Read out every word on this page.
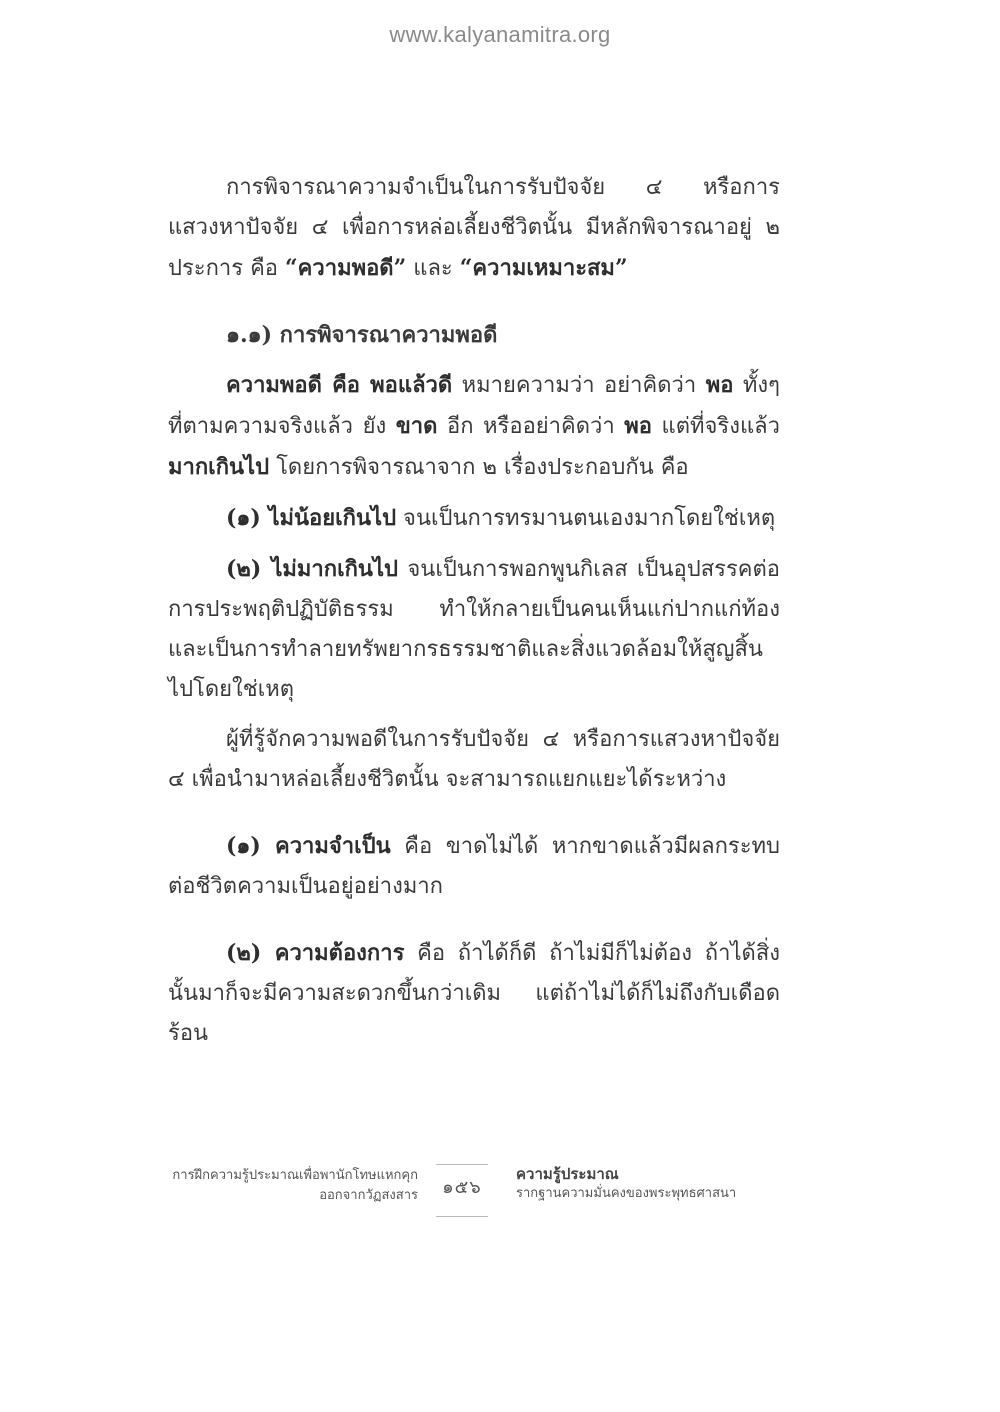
www.kalyanamitra.org

การพิจารณาความจำเป็นในการรับปัจจัย ๔ หรือการแสวงหาปัจจัย ๔ เพื่อการหล่อเลี้ยงชีวิตนั้น มีหลักพิจารณาอยู่ ๒ ประการ คือ “ความพอดี” และ “ความเหมาะสม”

๑.๑) การพิจารณาความพอดี

ความพอดี คือ พอแล้วดี หมายความว่า อย่าคิดว่า พอ ทั้งๆ ที่ตามความจริงแล้ว ยัง ขาด อีก หรืออย่าคิดว่า พอ แต่ที่จริงแล้ว มากเกินไป โดยการพิจารณาจาก ๒ เรื่องประกอบกัน คือ

(๑) ไม่น้อยเกินไป จนเป็นการทรมานตนเองมากโดยใช่เหตุ

(๒) ไม่มากเกินไป จนเป็นการพอกพูนกิเลส เป็นอุปสรรคต่อการประพฤติปฏิบัติธรรม ทำให้กลายเป็นคนเห็นแก่ปากแก่ท้อง และเป็นการทำลายทรัพยากรธรรมชาติและสิ่งแวดล้อมให้สูญสิ้นไปโดยใช่เหตุ

ผู้ที่รู้จักความพอดีในการรับปัจจัย ๔ หรือการแสวงหาปัจจัย ๔ เพื่อนำมาหล่อเลี้ยงชีวิตนั้น จะสามารถแยกแยะได้ระหว่าง

(๑) ความจำเป็น คือ ขาดไม่ได้ หากขาดแล้วมีผลกระทบต่อชีวิตความเป็นอยู่อย่างมาก

(๒) ความต้องการ คือ ถ้าได้ก็ดี ถ้าไม่มีก็ไม่ต้อง ถ้าได้สิ่งนั้นมาก็จะมีความสะดวกขึ้นกว่าเดิม แต่ถ้าไม่ได้ก็ไม่ถึงกับเดือดร้อน

การฝึกความรู้ประมาณเพื่อพานักโทษแหกคุก
ออกจากวัฏสงสาร	๑๕๖
ความรู้ประมาณ
รากฐานความมั่นคงของพระพุทธศาสนา
